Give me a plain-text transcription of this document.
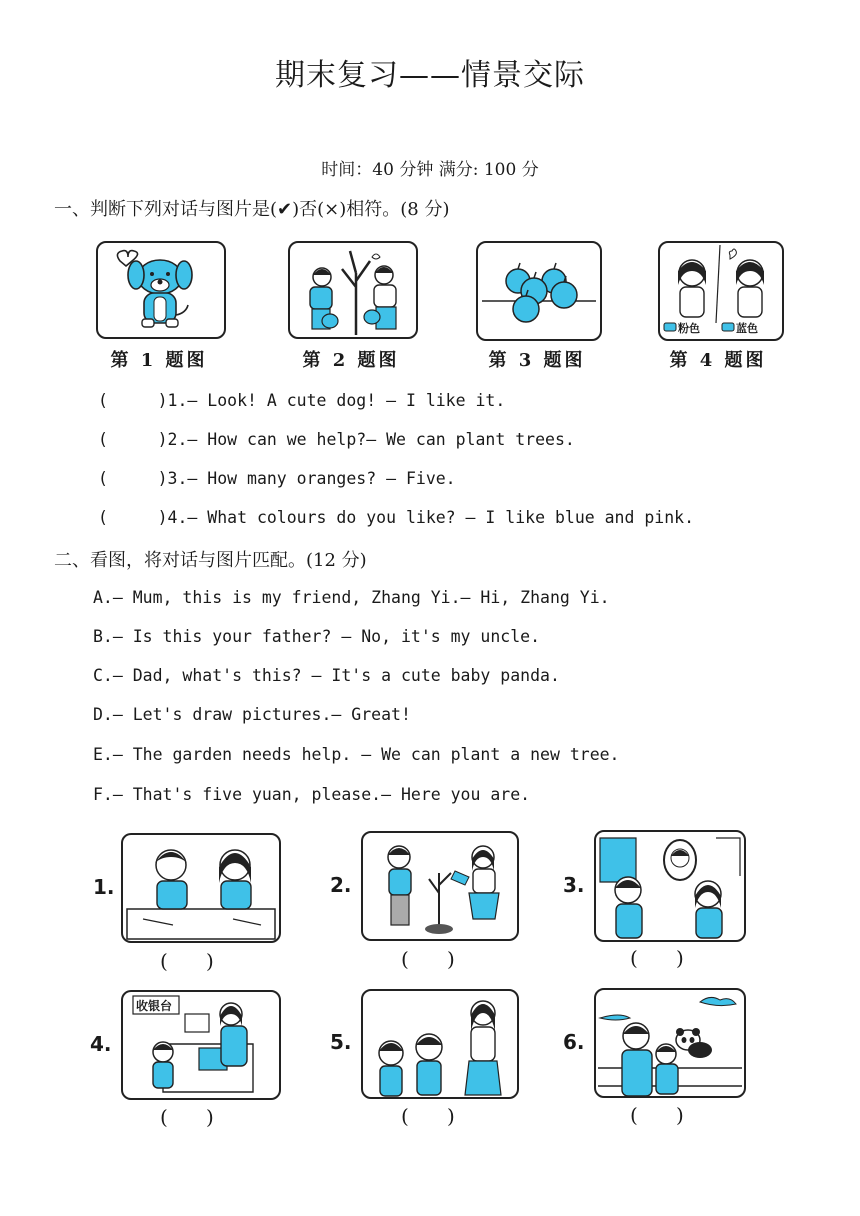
期末复习——情景交际
时间：40 分钟 满分: 100 分
一、判断下列对话与图片是(✔)否(×)相符。(8 分)
粉色	蓝色
第 1 题图	第 2 题图	第 3 题图	第 4 题图
(     )1.— Look! A cute dog! — I like it.
(     )2.— How can we help?— We can plant trees.
(     )3.— How many oranges? — Five.
(     )4.— What colours do you like? — I like blue and pink.
二、看图，将对话与图片匹配。(12 分)
A.— Mum, this is my friend, Zhang Yi.— Hi, Zhang Yi.
B.— Is this your father? — No, it's my uncle.
C.— Dad, what's this? — It's a cute baby panda.
D.— Let's draw pictures.— Great!
E.— The garden needs help. — We can plant a new tree.
F.— That's five yuan, please.— Here you are.
1.
(      )
2.
(      )
3.
(      )
4.
收银台
(      )
5.
(      )
6.
(      )
